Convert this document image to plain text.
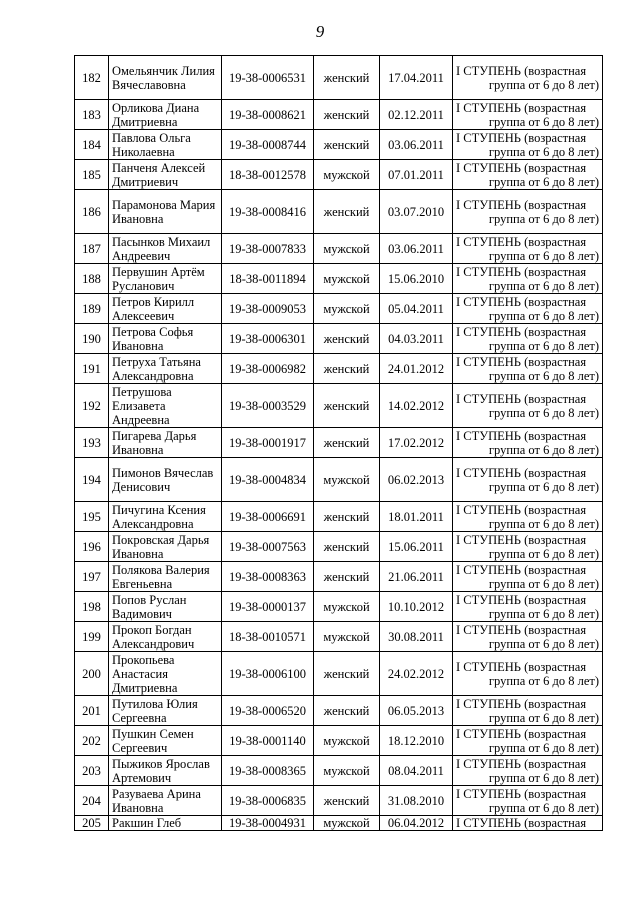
9
182	Омельянчик Лилия Вячеславовна	19-38-0006531	женский	17.04.2011	I СТУПЕНЬ (возрастная
группа от 6 до 8 лет)

183	Орликова Диана Дмитриевна	19-38-0008621	женский	02.12.2011	I СТУПЕНЬ (возрастная
группа от 6 до 8 лет)

184	Павлова Ольга Николаевна	19-38-0008744	женский	03.06.2011	I СТУПЕНЬ (возрастная
группа от 6 до 8 лет)

185	Панченя Алексей Дмитриевич	18-38-0012578	мужской	07.01.2011	I СТУПЕНЬ (возрастная
группа от 6 до 8 лет)

186	Парамонова Мария Ивановна	19-38-0008416	женский	03.07.2010	I СТУПЕНЬ (возрастная
группа от 6 до 8 лет)

187	Пасынков Михаил Андреевич	19-38-0007833	мужской	03.06.2011	I СТУПЕНЬ (возрастная
группа от 6 до 8 лет)

188	Первушин Артём Русланович	18-38-0011894	мужской	15.06.2010	I СТУПЕНЬ (возрастная
группа от 6 до 8 лет)

189	Петров Кирилл Алексеевич	19-38-0009053	мужской	05.04.2011	I СТУПЕНЬ (возрастная
группа от 6 до 8 лет)

190	Петрова Софья Ивановна	19-38-0006301	женский	04.03.2011	I СТУПЕНЬ (возрастная
группа от 6 до 8 лет)

191	Петруха Татьяна Александровна	19-38-0006982	женский	24.01.2012	I СТУПЕНЬ (возрастная
группа от 6 до 8 лет)

192	Петрушова Елизавета Андреевна	19-38-0003529	женский	14.02.2012	I СТУПЕНЬ (возрастная
группа от 6 до 8 лет)

193	Пигарева Дарья Ивановна	19-38-0001917	женский	17.02.2012	I СТУПЕНЬ (возрастная
группа от 6 до 8 лет)

194	Пимонов Вячеслав Денисович	19-38-0004834	мужской	06.02.2013	I СТУПЕНЬ (возрастная
группа от 6 до 8 лет)

195	Пичугина Ксения Александровна	19-38-0006691	женский	18.01.2011	I СТУПЕНЬ (возрастная
группа от 6 до 8 лет)

196	Покровская Дарья Ивановна	19-38-0007563	женский	15.06.2011	I СТУПЕНЬ (возрастная
группа от 6 до 8 лет)

197	Полякова Валерия Евгеньевна	19-38-0008363	женский	21.06.2011	I СТУПЕНЬ (возрастная
группа от 6 до 8 лет)

198	Попов Руслан Вадимович	19-38-0000137	мужской	10.10.2012	I СТУПЕНЬ (возрастная
группа от 6 до 8 лет)

199	Прокоп Богдан Александрович	18-38-0010571	мужской	30.08.2011	I СТУПЕНЬ (возрастная
группа от 6 до 8 лет)

200	Прокопьева Анастасия Дмитриевна	19-38-0006100	женский	24.02.2012	I СТУПЕНЬ (возрастная
группа от 6 до 8 лет)

201	Путилова Юлия Сергеевна	19-38-0006520	женский	06.05.2013	I СТУПЕНЬ (возрастная
группа от 6 до 8 лет)

202	Пушкин Семен Сергеевич	19-38-0001140	мужской	18.12.2010	I СТУПЕНЬ (возрастная
группа от 6 до 8 лет)

203	Пыжиков Ярослав Артемович	19-38-0008365	мужской	08.04.2011	I СТУПЕНЬ (возрастная
группа от 6 до 8 лет)

204	Разуваева Арина Ивановна	19-38-0006835	женский	31.08.2010	I СТУПЕНЬ (возрастная
группа от 6 до 8 лет)

205	Ракшин Глеб	19-38-0004931	мужской	06.04.2012	I СТУПЕНЬ (возрастная
